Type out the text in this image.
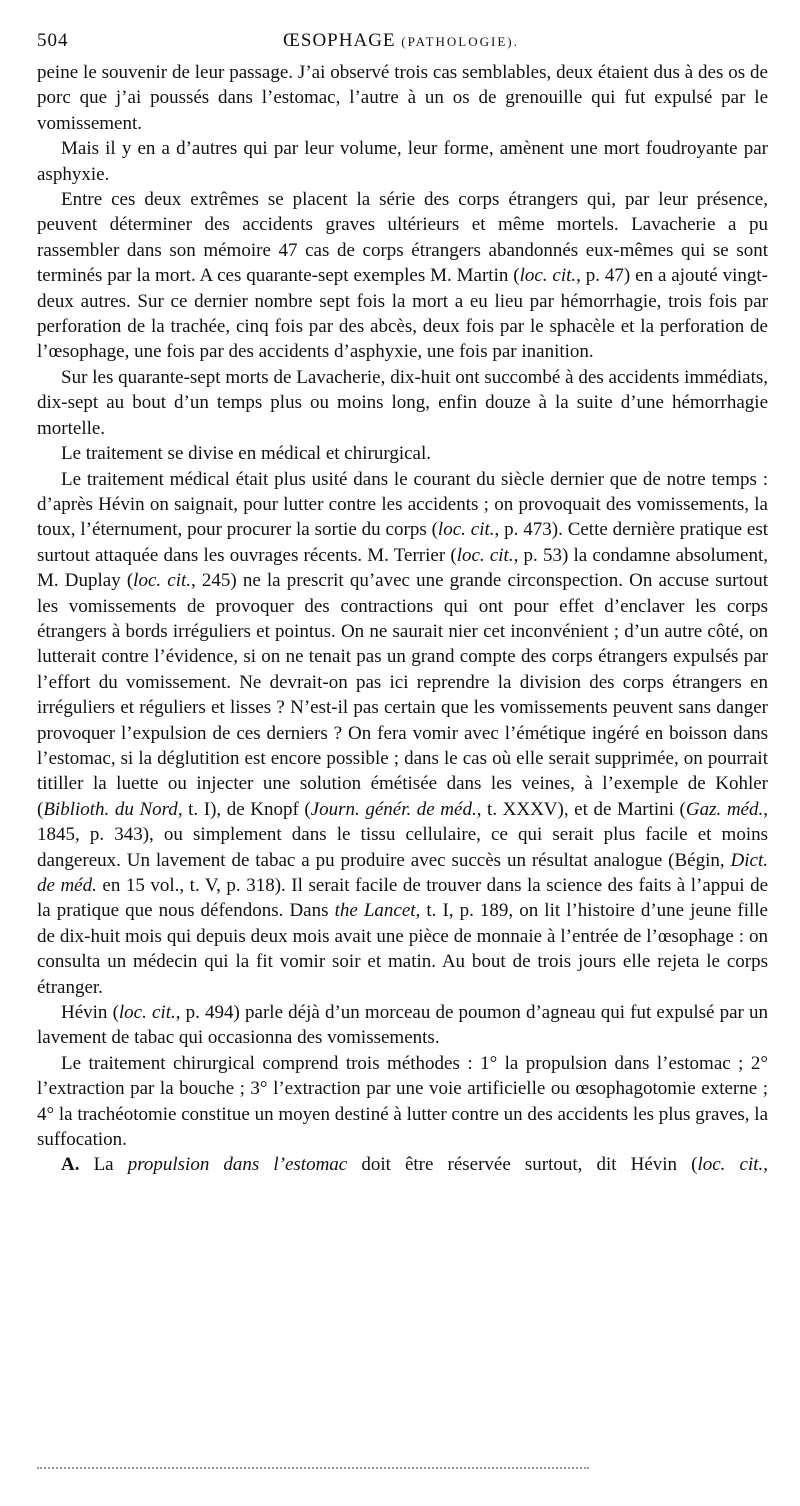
504	ŒSOPHAGE (PATHOLOGIE).

peine le souvenir de leur passage. J’ai observé trois cas semblables, deux étaient dus à des os de porc que j’ai poussés dans l’estomac, l’autre à un os de grenouille qui fut expulsé par le vomissement.

Mais il y en a d’autres qui par leur volume, leur forme, amènent une mort foudroyante par asphyxie.

Entre ces deux extrêmes se placent la série des corps étrangers qui, par leur présence, peuvent déterminer des accidents graves ultérieurs et même mortels. Lavacherie a pu rassembler dans son mémoire 47 cas de corps étrangers abandonnés eux-mêmes qui se sont terminés par la mort. A ces quarante-sept exemples M. Martin (loc. cit., p. 47) en a ajouté vingt-deux autres. Sur ce dernier nombre sept fois la mort a eu lieu par hémorrhagie, trois fois par perforation de la trachée, cinq fois par des abcès, deux fois par le sphacèle et la perforation de l’œsophage, une fois par des accidents d’asphyxie, une fois par inanition.

Sur les quarante-sept morts de Lavacherie, dix-huit ont succombé à des accidents immédiats, dix-sept au bout d’un temps plus ou moins long, enfin douze à la suite d’une hémorrhagie mortelle.

Le traitement se divise en médical et chirurgical.

Le traitement médical était plus usité dans le courant du siècle dernier que de notre temps : d’après Hévin on saignait, pour lutter contre les accidents ; on provoquait des vomissements, la toux, l’éternument, pour procurer la sortie du corps (loc. cit., p. 473). Cette dernière pratique est surtout attaquée dans les ouvrages récents. M. Terrier (loc. cit., p. 53) la condamne absolument, M. Duplay (loc. cit., 245) ne la prescrit qu’avec une grande circonspection. On accuse surtout les vomissements de provoquer des contractions qui ont pour effet d’enclaver les corps étrangers à bords irréguliers et pointus. On ne saurait nier cet inconvénient ; d’un autre côté, on lutterait contre l’évidence, si on ne tenait pas un grand compte des corps étrangers expulsés par l’effort du vomissement. Ne devrait-on pas ici reprendre la division des corps étrangers en irréguliers et réguliers et lisses ? N’est-il pas certain que les vomissements peuvent sans danger provoquer l’expulsion de ces derniers ? On fera vomir avec l’émétique ingéré en boisson dans l’estomac, si la déglutition est encore possible ; dans le cas où elle serait supprimée, on pourrait titiller la luette ou injecter une solution émétisée dans les veines, à l’exemple de Kohler (Biblioth. du Nord, t. I), de Knopf (Journ. génér. de méd., t. XXXV), et de Martini (Gaz. méd., 1845, p. 343), ou simplement dans le tissu cellulaire, ce qui serait plus facile et moins dangereux. Un lavement de tabac a pu produire avec succès un résultat analogue (Bégin, Dict. de méd. en 15 vol., t. V, p. 318). Il serait facile de trouver dans la science des faits à l’appui de la pratique que nous défendons. Dans the Lancet, t. I, p. 189, on lit l’histoire d’une jeune fille de dix-huit mois qui depuis deux mois avait une pièce de monnaie à l’entrée de l’œsophage : on consulta un médecin qui la fit vomir soir et matin. Au bout de trois jours elle rejeta le corps étranger.

Hévin (loc. cit., p. 494) parle déjà d’un morceau de poumon d’agneau qui fut expulsé par un lavement de tabac qui occasionna des vomissements.

Le traitement chirurgical comprend trois méthodes : 1° la propulsion dans l’estomac ; 2° l’extraction par la bouche ; 3° l’extraction par une voie artificielle ou œsophagotomie externe ; 4° la trachéotomie constitue un moyen destiné à lutter contre un des accidents les plus graves, la suffocation.

A. La propulsion dans l’estomac doit être réservée surtout, dit Hévin (loc. cit.,
